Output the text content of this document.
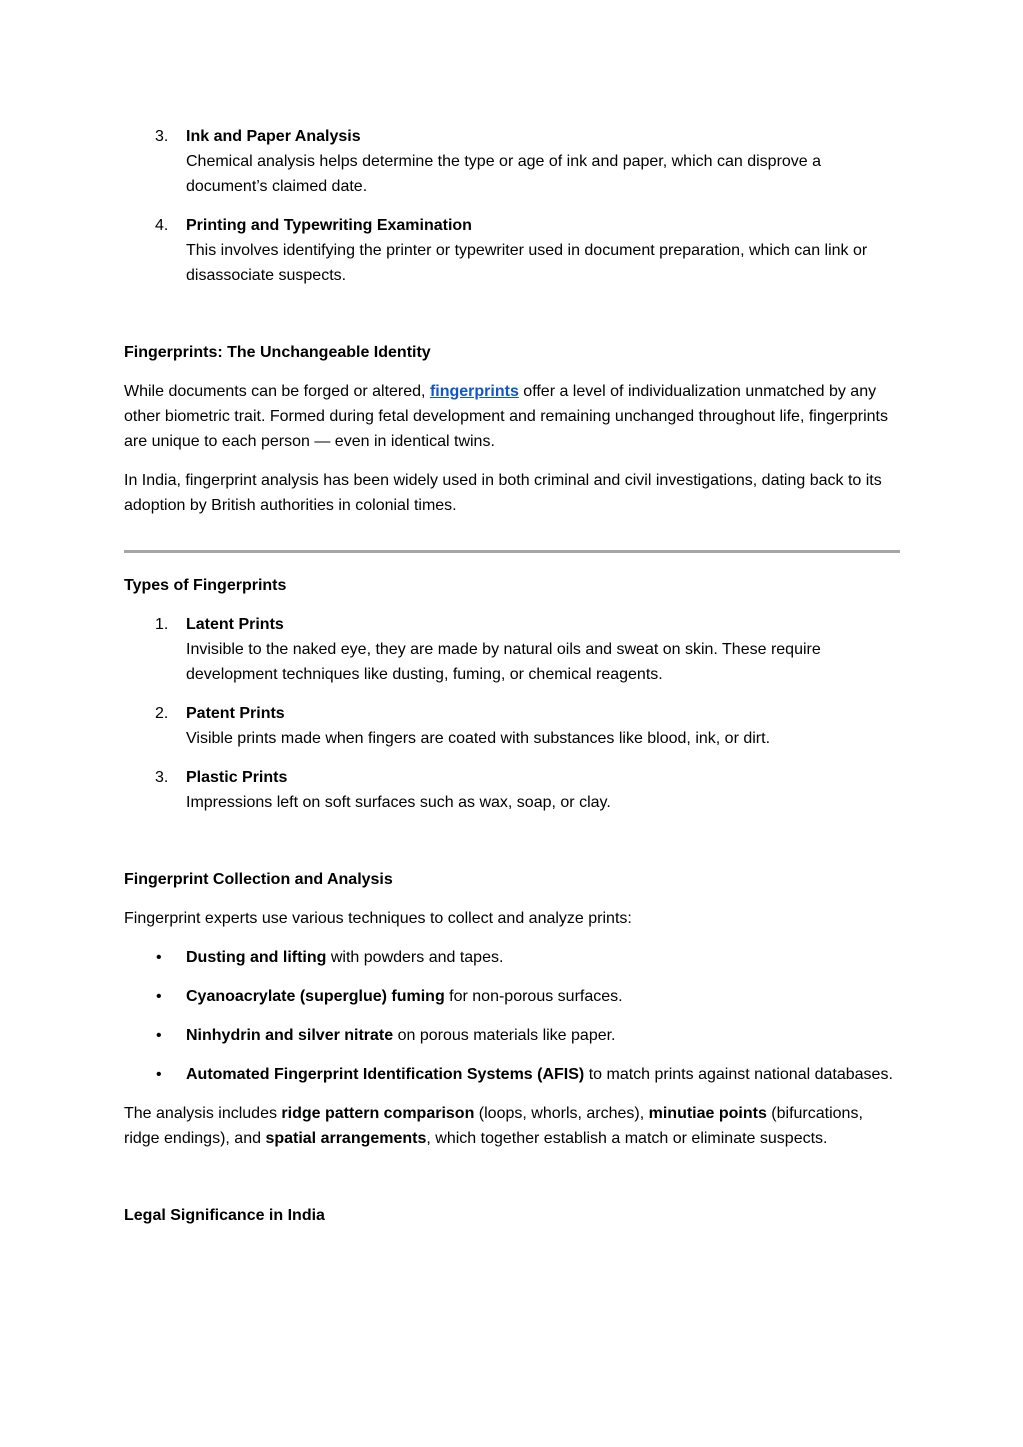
3. Ink and Paper Analysis

Chemical analysis helps determine the type or age of ink and paper, which can disprove a document’s claimed date.

4. Printing and Typewriting Examination

This involves identifying the printer or typewriter used in document preparation, which can link or disassociate suspects.

Fingerprints: The Unchangeable Identity

While documents can be forged or altered, fingerprints offer a level of individualization unmatched by any other biometric trait. Formed during fetal development and remaining unchanged throughout life, fingerprints are unique to each person — even in identical twins.

In India, fingerprint analysis has been widely used in both criminal and civil investigations, dating back to its adoption by British authorities in colonial times.

Types of Fingerprints
1. Latent Prints

Invisible to the naked eye, they are made by natural oils and sweat on skin. These require development techniques like dusting, fuming, or chemical reagents.

2. Patent Prints

Visible prints made when fingers are coated with substances like blood, ink, or dirt.

3. Plastic Prints

Impressions left on soft surfaces such as wax, soap, or clay.

Fingerprint Collection and Analysis

Fingerprint experts use various techniques to collect and analyze prints:

• Dusting and lifting with powders and tapes.
• Cyanoacrylate (superglue) fuming for non-porous surfaces.
• Ninhydrin and silver nitrate on porous materials like paper.
• Automated Fingerprint Identification Systems (AFIS) to match prints against national databases.

The analysis includes ridge pattern comparison (loops, whorls, arches), minutiae points (bifurcations, ridge endings), and spatial arrangements, which together establish a match or eliminate suspects.

Legal Significance in India
